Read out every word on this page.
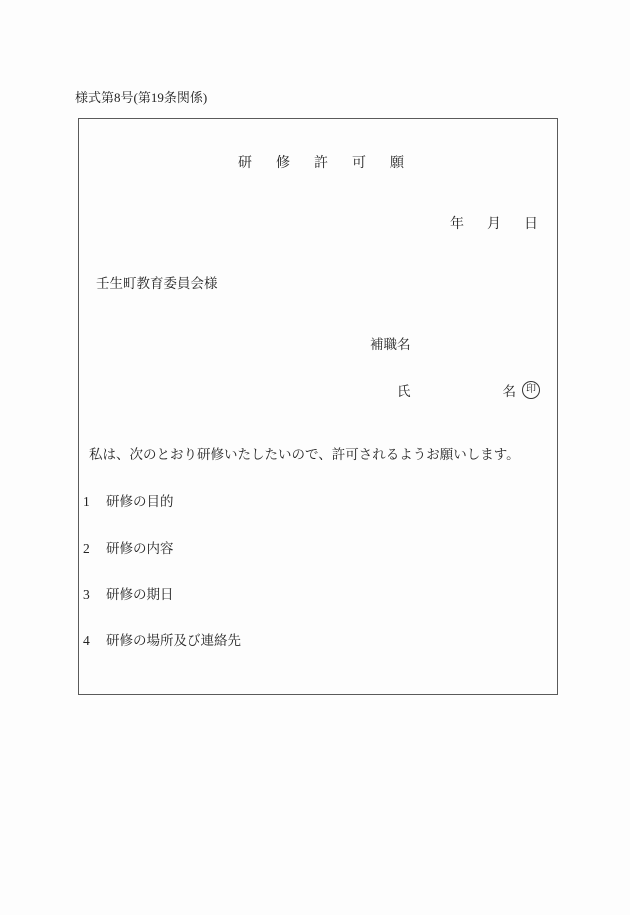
様式第8号(第19条関係)
研修許可願
年 月 日
壬生町教育委員会様
補職名
氏	名	印
私は、次のとおり研修いたしたいので、許可されるようお願いします。
1 研修の目的
2 研修の内容
3 研修の期日
4 研修の場所及び連絡先
